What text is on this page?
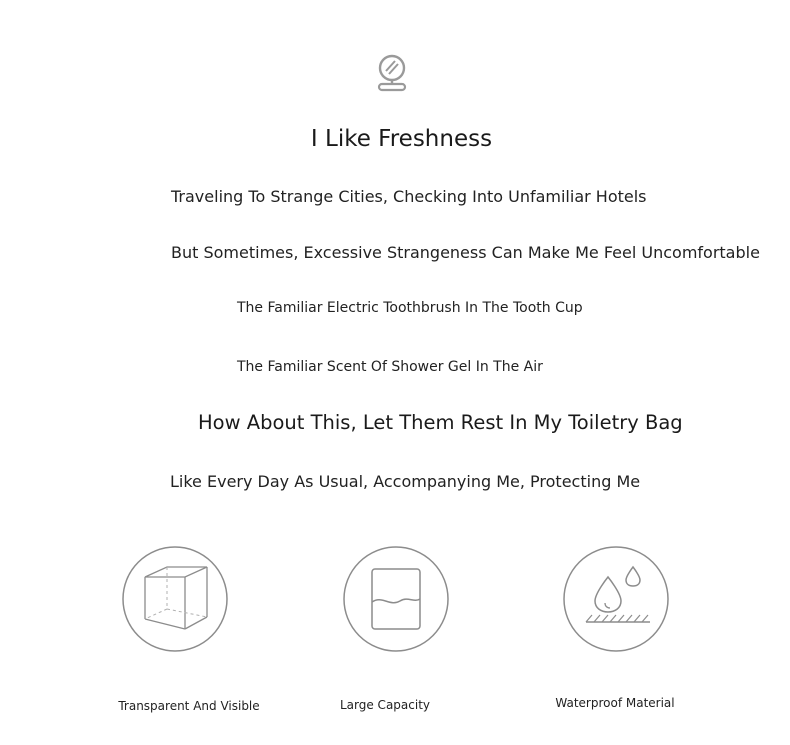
I Like Freshness
Traveling To Strange Cities, Checking Into Unfamiliar Hotels
But Sometimes, Excessive Strangeness Can Make Me Feel Uncomfortable
The Familiar Electric Toothbrush In The Tooth Cup
The Familiar Scent Of Shower Gel In The Air
How About This, Let Them Rest In My Toiletry Bag
Like Every Day As Usual, Accompanying Me, Protecting Me
Transparent And Visible	Large Capacity	Waterproof Material
